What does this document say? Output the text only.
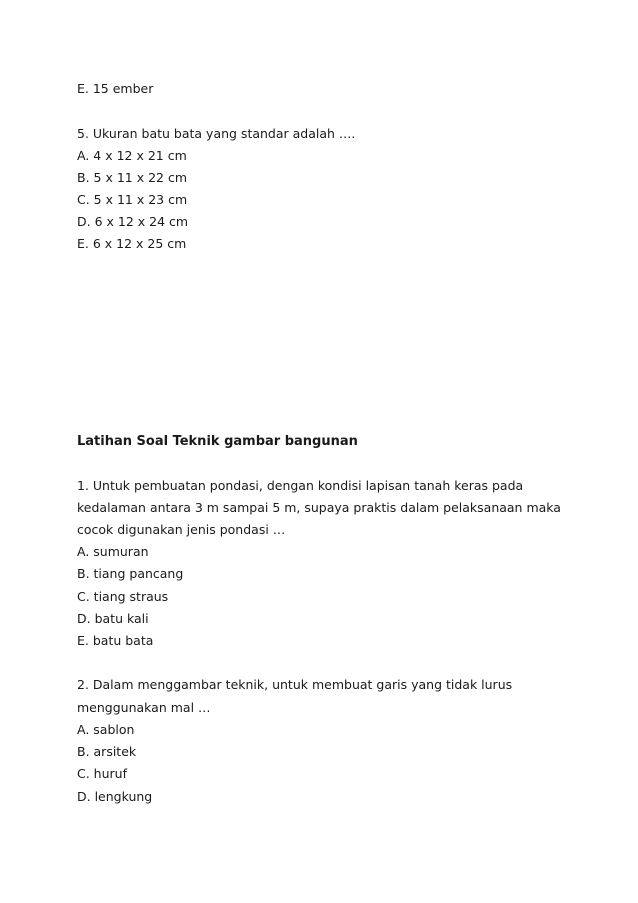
E. 15 ember
5. Ukuran batu bata yang standar adalah ….
A. 4 x 12 x 21 cm
B. 5 x 11 x 22 cm
C. 5 x 11 x 23 cm
D. 6 x 12 x 24 cm
E. 6 x 12 x 25 cm
Latihan Soal Teknik gambar bangunan
1. Untuk pembuatan pondasi, dengan kondisi lapisan tanah keras pada
kedalaman antara 3 m sampai 5 m, supaya praktis dalam pelaksanaan maka
cocok digunakan jenis pondasi …
A. sumuran
B. tiang pancang
C. tiang straus
D. batu kali
E. batu bata
2. Dalam menggambar teknik, untuk membuat garis yang tidak lurus
menggunakan mal …
A. sablon
B. arsitek
C. huruf
D. lengkung
